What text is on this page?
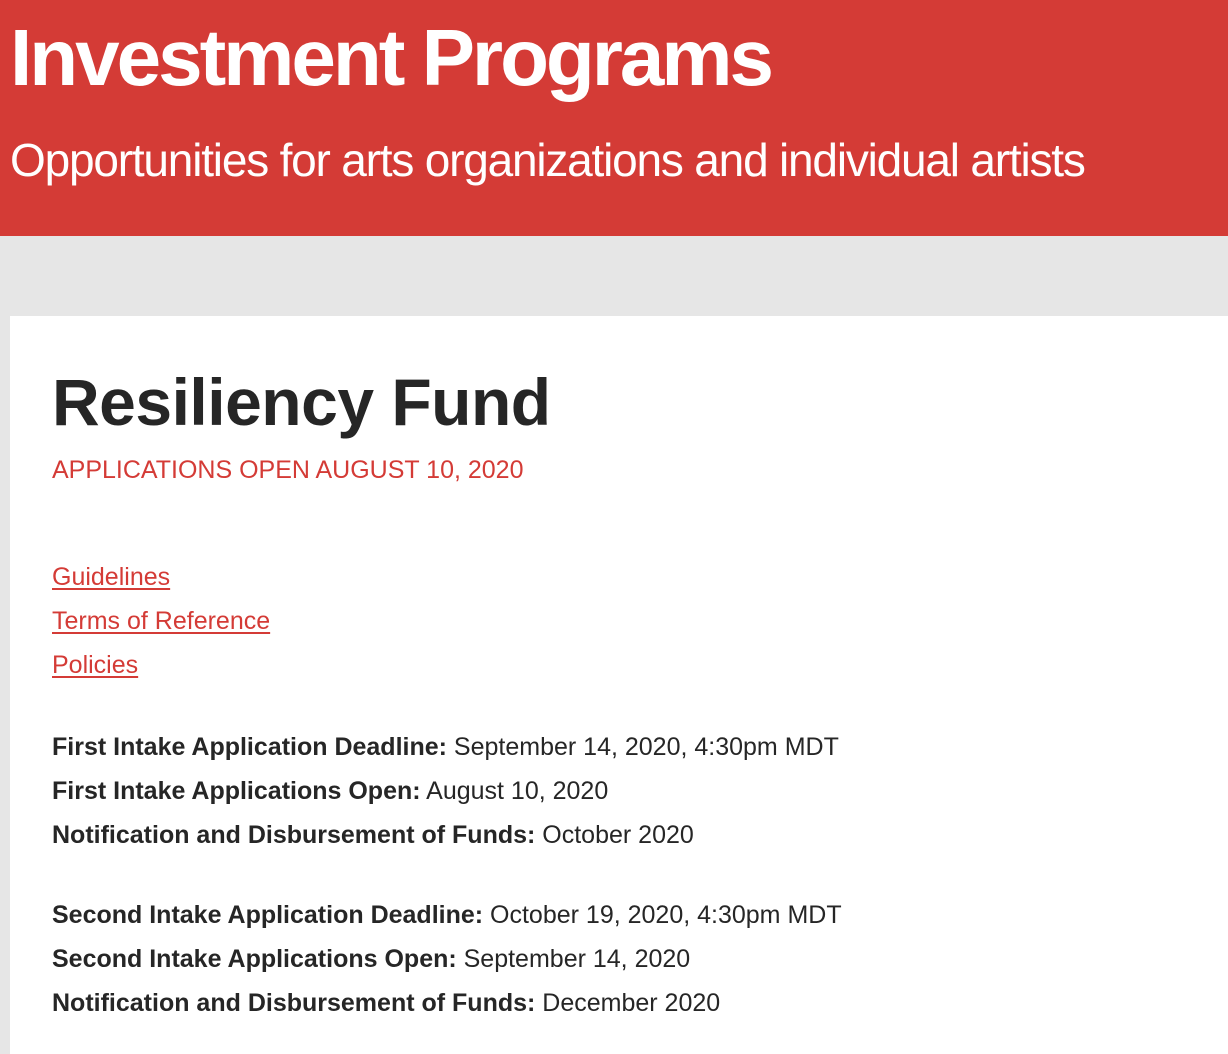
Investment Programs

Opportunities for arts organizations and individual artists

Resiliency Fund

APPLICATIONS OPEN AUGUST 10, 2020

Guidelines
Terms of Reference
Policies
First Intake Application Deadline: September 14, 2020, 4:30pm MDT
First Intake Applications Open: August 10, 2020
Notification and Disbursement of Funds: October 2020
Second Intake Application Deadline: October 19, 2020, 4:30pm MDT
Second Intake Applications Open: September 14, 2020
Notification and Disbursement of Funds: December 2020
